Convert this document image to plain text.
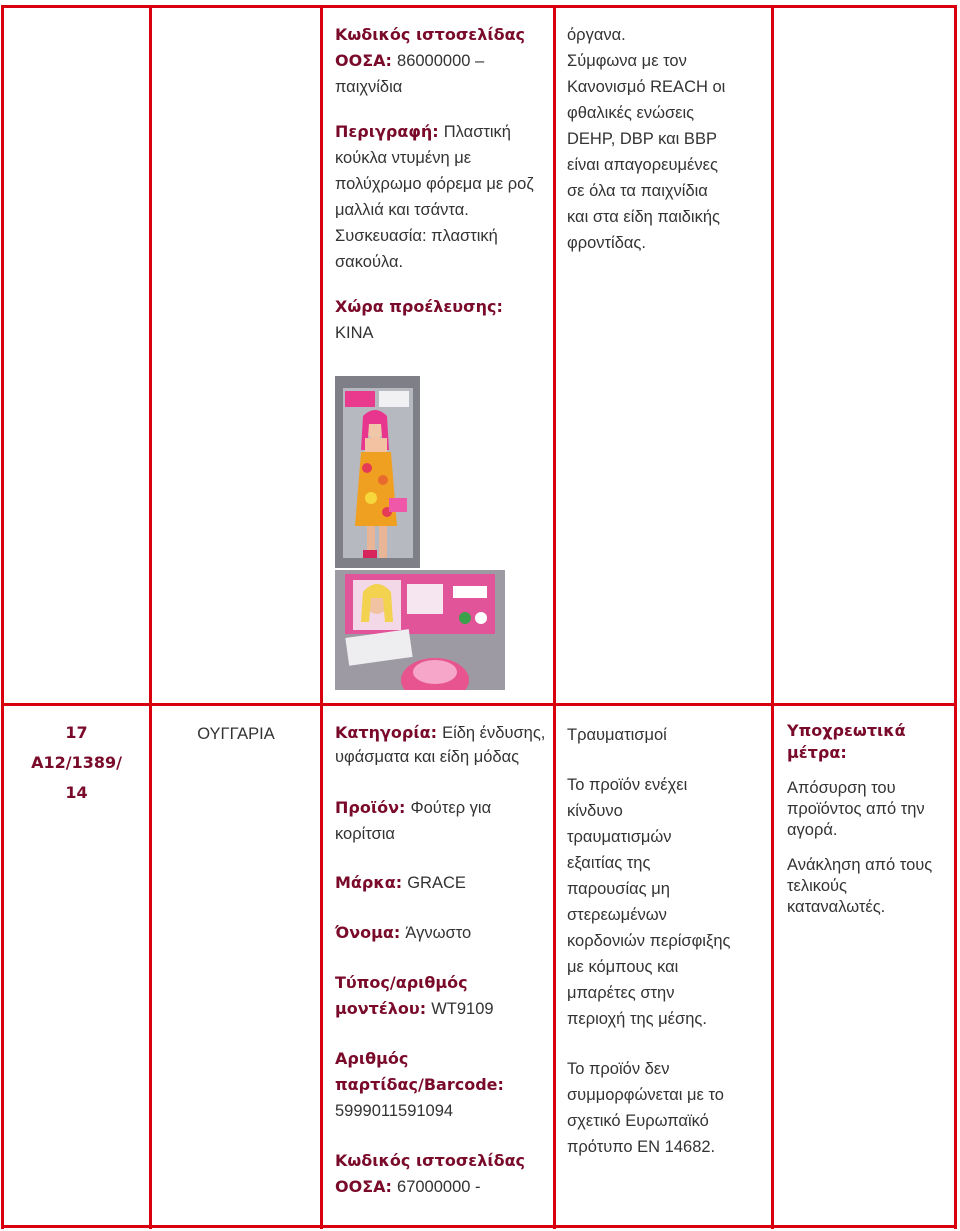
Κωδικός ιστοσελίδας ΟΟΣΑ: 86000000 – παιχνίδια

Περιγραφή: Πλαστική κούκλα ντυμένη με πολύχρωμο φόρεμα με ροζ μαλλιά και τσάντα. Συσκευασία: πλαστική σακούλα.

Χώρα προέλευσης:

ΚΙΝΑ

όργανα.

Σύμφωνα με τον

Κανονισμό REACH οι

φθαλικές ενώσεις

DEHP, DBP και BBP

είναι απαγορευμένες

σε όλα τα παιχνίδια

και στα είδη παιδικής

φροντίδας.

17

A12/1389/

14

ΟΥΓΓΑΡΙΑ	Κατηγορία: Είδη ένδυσης, υφάσματα και είδη μόδας

Προϊόν: Φούτερ για κορίτσια

Μάρκα: GRACE

Όνομα: Άγνωστο

Τύπος/αριθμός μοντέλου: WT9109

Αριθμός παρτίδας/Barcode: 5999011591094

Κωδικός ιστοσελίδας ΟΟΣΑ: 67000000 -

Τραυματισμοί

Το προϊόν ενέχει

κίνδυνο

τραυματισμών

εξαιτίας της

παρουσίας μη

στερεωμένων

κορδονιών περίσφιξης

με κόμπους και

μπαρέτες στην

περιοχή της μέσης.

Το προϊόν δεν

συμμορφώνεται με το

σχετικό Ευρωπαϊκό

πρότυπο EN 14682.

Υποχρεωτικά μέτρα:

Απόσυρση του προϊόντος από την αγορά.

Ανάκληση από τους τελικούς καταναλωτές.
